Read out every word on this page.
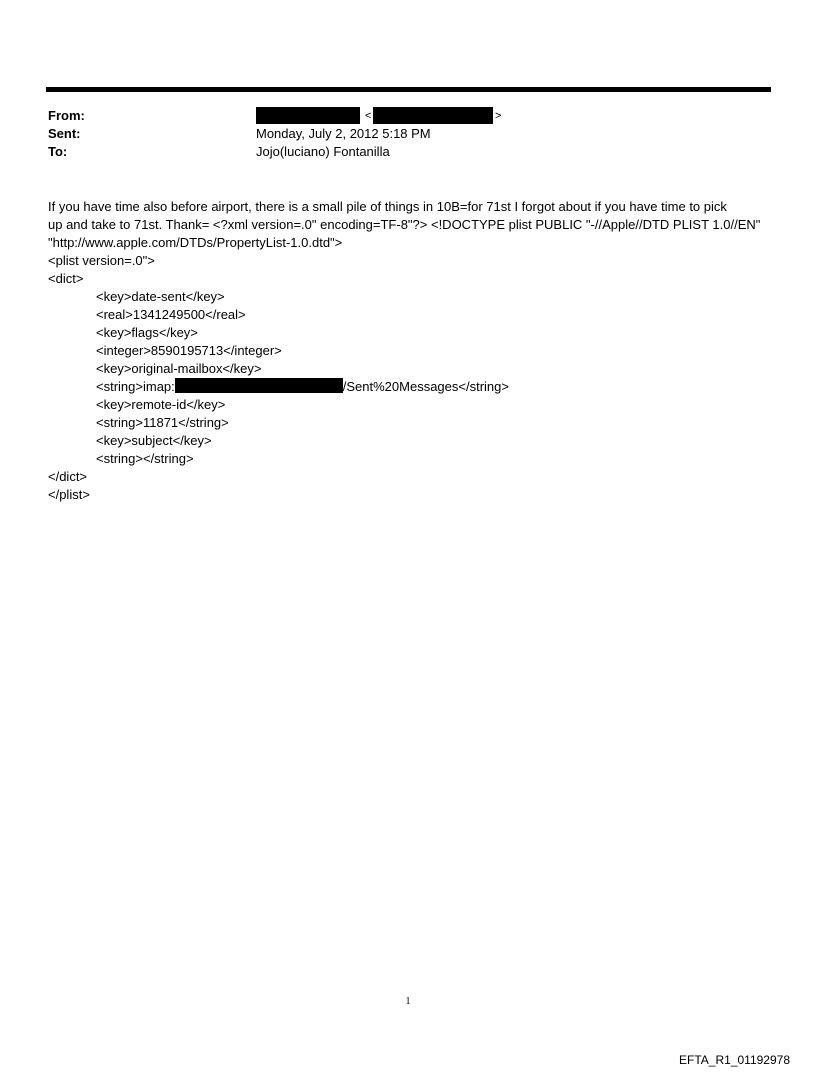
From:
Sent:
To:
<	>
Monday, July 2, 2012 5:18 PM
Jojo(luciano) Fontanilla
If you have time also before airport, there is a small pile of things in 10B=for 71st I forgot about if you have time to pick
up and take to 71st. Thank= <?xml version=.0" encoding=TF-8"?> <!DOCTYPE plist PUBLIC "-//Apple//DTD PLIST 1.0//EN"
"http://www.apple.com/DTDs/PropertyList-1.0.dtd">
<plist version=.0">
<dict>
<key>date-sent</key>
<real>1341249500</real>
<key>flags</key>
<integer>8590195713</integer>
<key>original-mailbox</key>
<string>imap:	/Sent%20Messages</string>
<key>remote-id</key>
<string>11871</string>
<key>subject</key>
<string></string>
</dict>
</plist>
1
EFTA_R1_01192978
